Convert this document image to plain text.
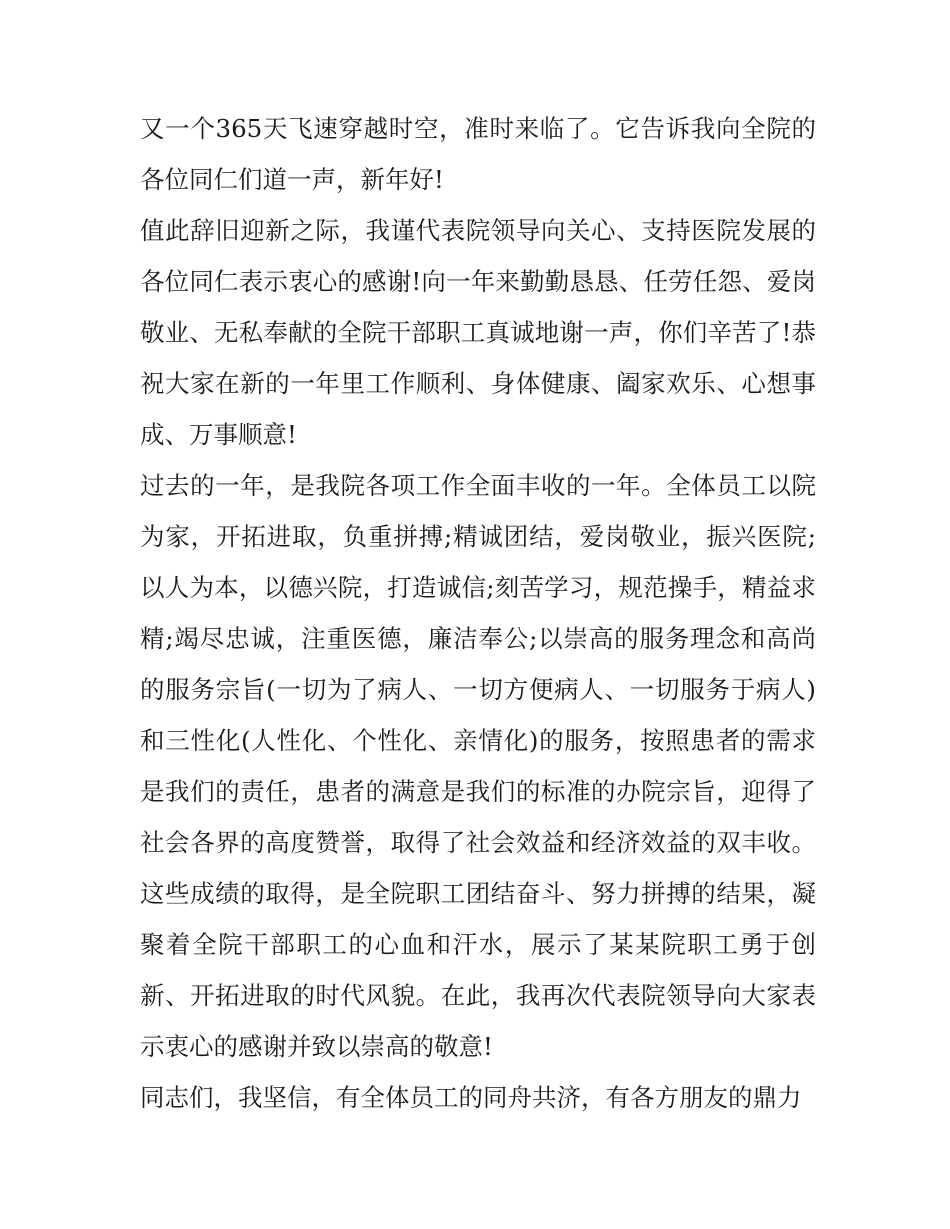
又一个365天飞速穿越时空，准时来临了。它告诉我向全院的各位同仁们道一声，新年好!

值此辞旧迎新之际，我谨代表院领导向关心、支持医院发展的各位同仁表示衷心的感谢!向一年来勤勤恳恳、任劳任怨、爱岗敬业、无私奉献的全院干部职工真诚地谢一声，你们辛苦了!恭祝大家在新的一年里工作顺利、身体健康、阖家欢乐、心想事成、万事顺意!

过去的一年，是我院各项工作全面丰收的一年。全体员工以院为家，开拓进取，负重拼搏;精诚团结，爱岗敬业，振兴医院;以人为本，以德兴院，打造诚信;刻苦学习，规范操手，精益求精;竭尽忠诚，注重医德，廉洁奉公;以崇高的服务理念和高尚的服务宗旨(一切为了病人、一切方便病人、一切服务于病人)和三性化(人性化、个性化、亲情化)的服务，按照患者的需求是我们的责任，患者的满意是我们的标准的办院宗旨，迎得了社会各界的高度赞誉，取得了社会效益和经济效益的双丰收。这些成绩的取得，是全院职工团结奋斗、努力拼搏的结果，凝聚着全院干部职工的心血和汗水，展示了某某院职工勇于创新、开拓进取的时代风貌。在此，我再次代表院领导向大家表示衷心的感谢并致以崇高的敬意!

同志们，我坚信，有全体员工的同舟共济，有各方朋友的鼎力
